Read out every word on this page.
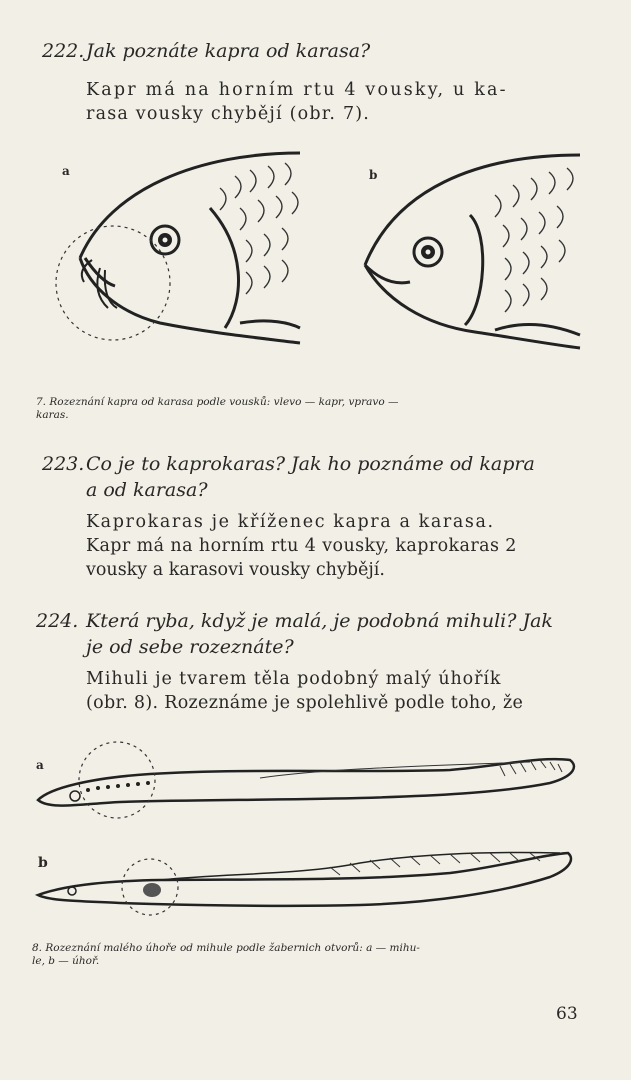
222.Jak poznáte kapra od karasa?
Kapr má na horním rtu 4 vousky, u ka-
rasa vousky chybějí (obr. 7).
a	b
7. Rozeznání kapra od karasa podle vousků: vlevo — kapr, vpravo —
karas.
223.Co je to kaprokaras? Jak ho poznáme od kapra
a od karasa?
Kaprokaras je kříženec kapra a karasa.
Kapr má na horním rtu 4 vousky, kaprokaras 2
vousky a karasovi vousky chybějí.
224. Která ryba, když je malá, je podobná mihuli? Jak
je od sebe rozeznáte?
Mihuli je tvarem těla podobný malý úhořík
(obr. 8). Rozeznáme je spolehlivě podle toho, že
a
b
8. Rozeznání malého úhoře od mihule podle žabernich otvorů: a — mihu-
le, b — úhoř.
63
